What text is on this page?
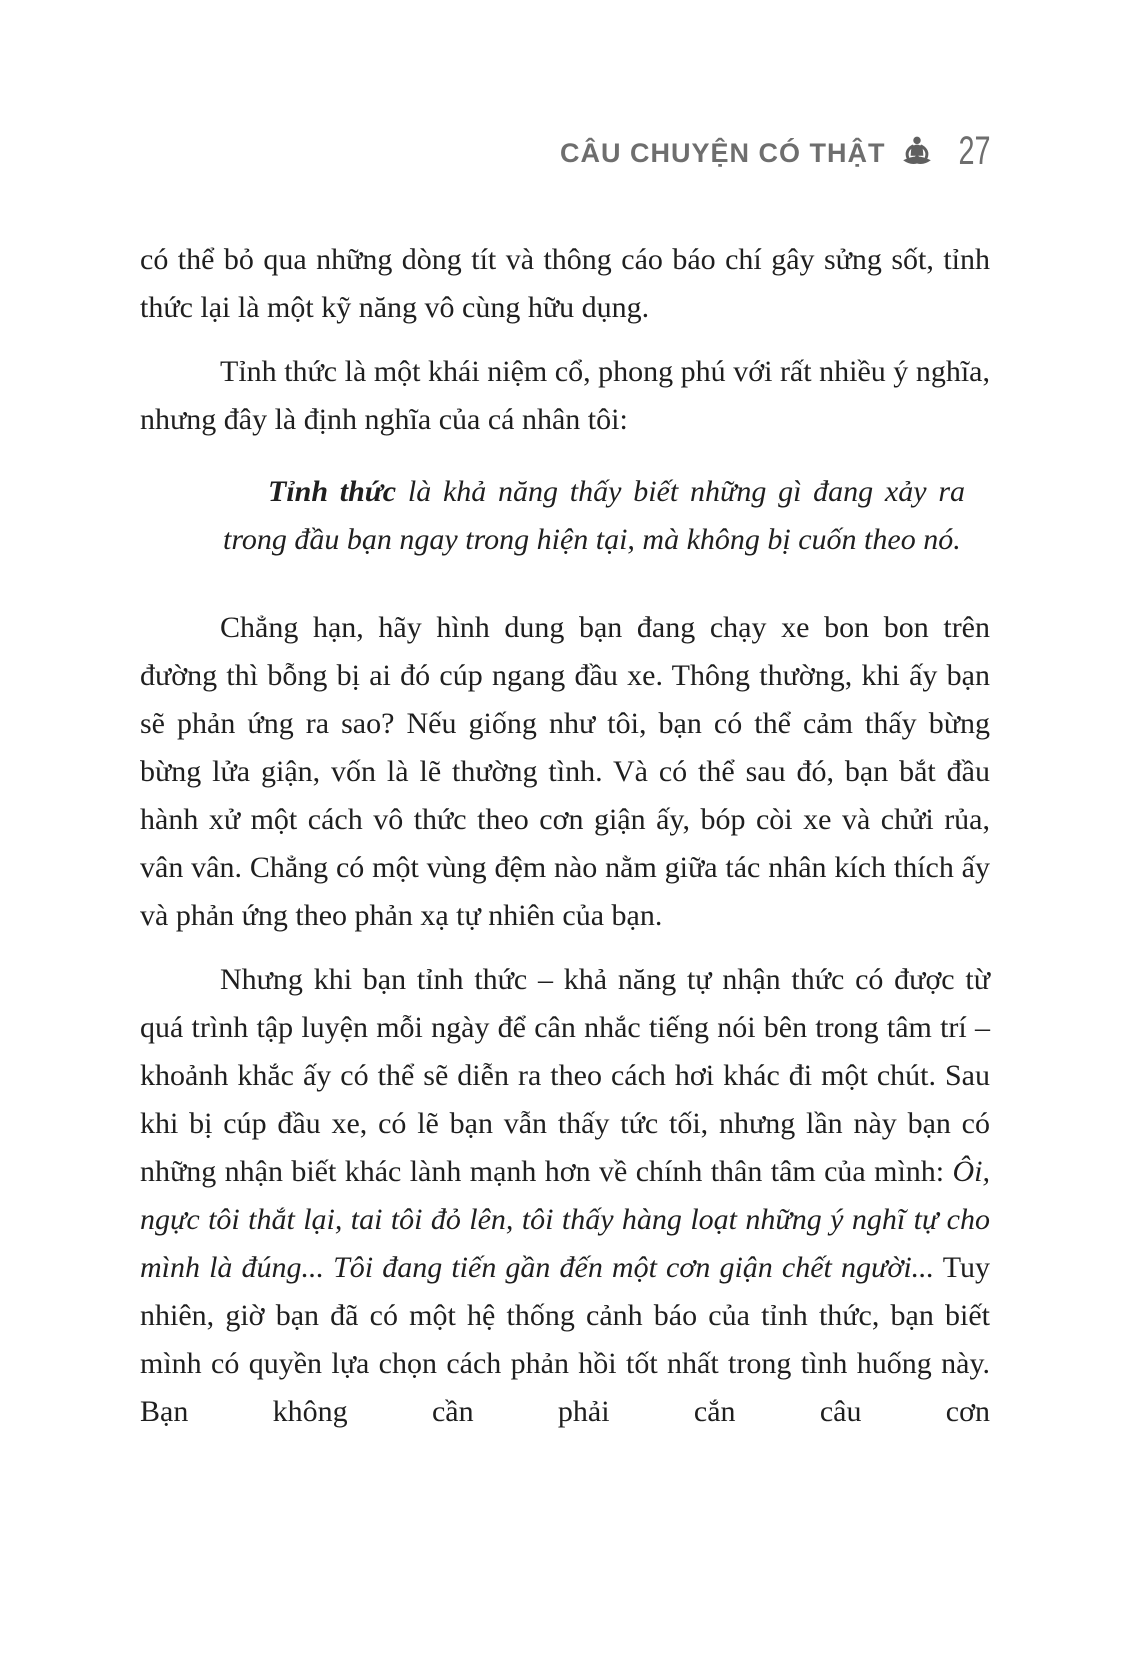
CÂU CHUYỆN CÓ THẬT 27

có thể bỏ qua những dòng tít và thông cáo báo chí gây sửng sốt, tỉnh thức lại là một kỹ năng vô cùng hữu dụng.

Tỉnh thức là một khái niệm cổ, phong phú với rất nhiều ý nghĩa, nhưng đây là định nghĩa của cá nhân tôi:

Tỉnh thức là khả năng thấy biết những gì đang xảy ra trong đầu bạn ngay trong hiện tại, mà không bị cuốn theo nó.

Chẳng hạn, hãy hình dung bạn đang chạy xe bon bon trên đường thì bỗng bị ai đó cúp ngang đầu xe. Thông thường, khi ấy bạn sẽ phản ứng ra sao? Nếu giống như tôi, bạn có thể cảm thấy bừng bừng lửa giận, vốn là lẽ thường tình. Và có thể sau đó, bạn bắt đầu hành xử một cách vô thức theo cơn giận ấy, bóp còi xe và chửi rủa, vân vân. Chẳng có một vùng đệm nào nằm giữa tác nhân kích thích ấy và phản ứng theo phản xạ tự nhiên của bạn.

Nhưng khi bạn tỉnh thức – khả năng tự nhận thức có được từ quá trình tập luyện mỗi ngày để cân nhắc tiếng nói bên trong tâm trí – khoảnh khắc ấy có thể sẽ diễn ra theo cách hơi khác đi một chút. Sau khi bị cúp đầu xe, có lẽ bạn vẫn thấy tức tối, nhưng lần này bạn có những nhận biết khác lành mạnh hơn về chính thân tâm của mình: Ôi, ngực tôi thắt lại, tai tôi đỏ lên, tôi thấy hàng loạt những ý nghĩ tự cho mình là đúng... Tôi đang tiến gần đến một cơn giận chết người... Tuy nhiên, giờ bạn đã có một hệ thống cảnh báo của tỉnh thức, bạn biết mình có quyền lựa chọn cách phản hồi tốt nhất trong tình huống này. Bạn không cần phải cắn câu cơn
